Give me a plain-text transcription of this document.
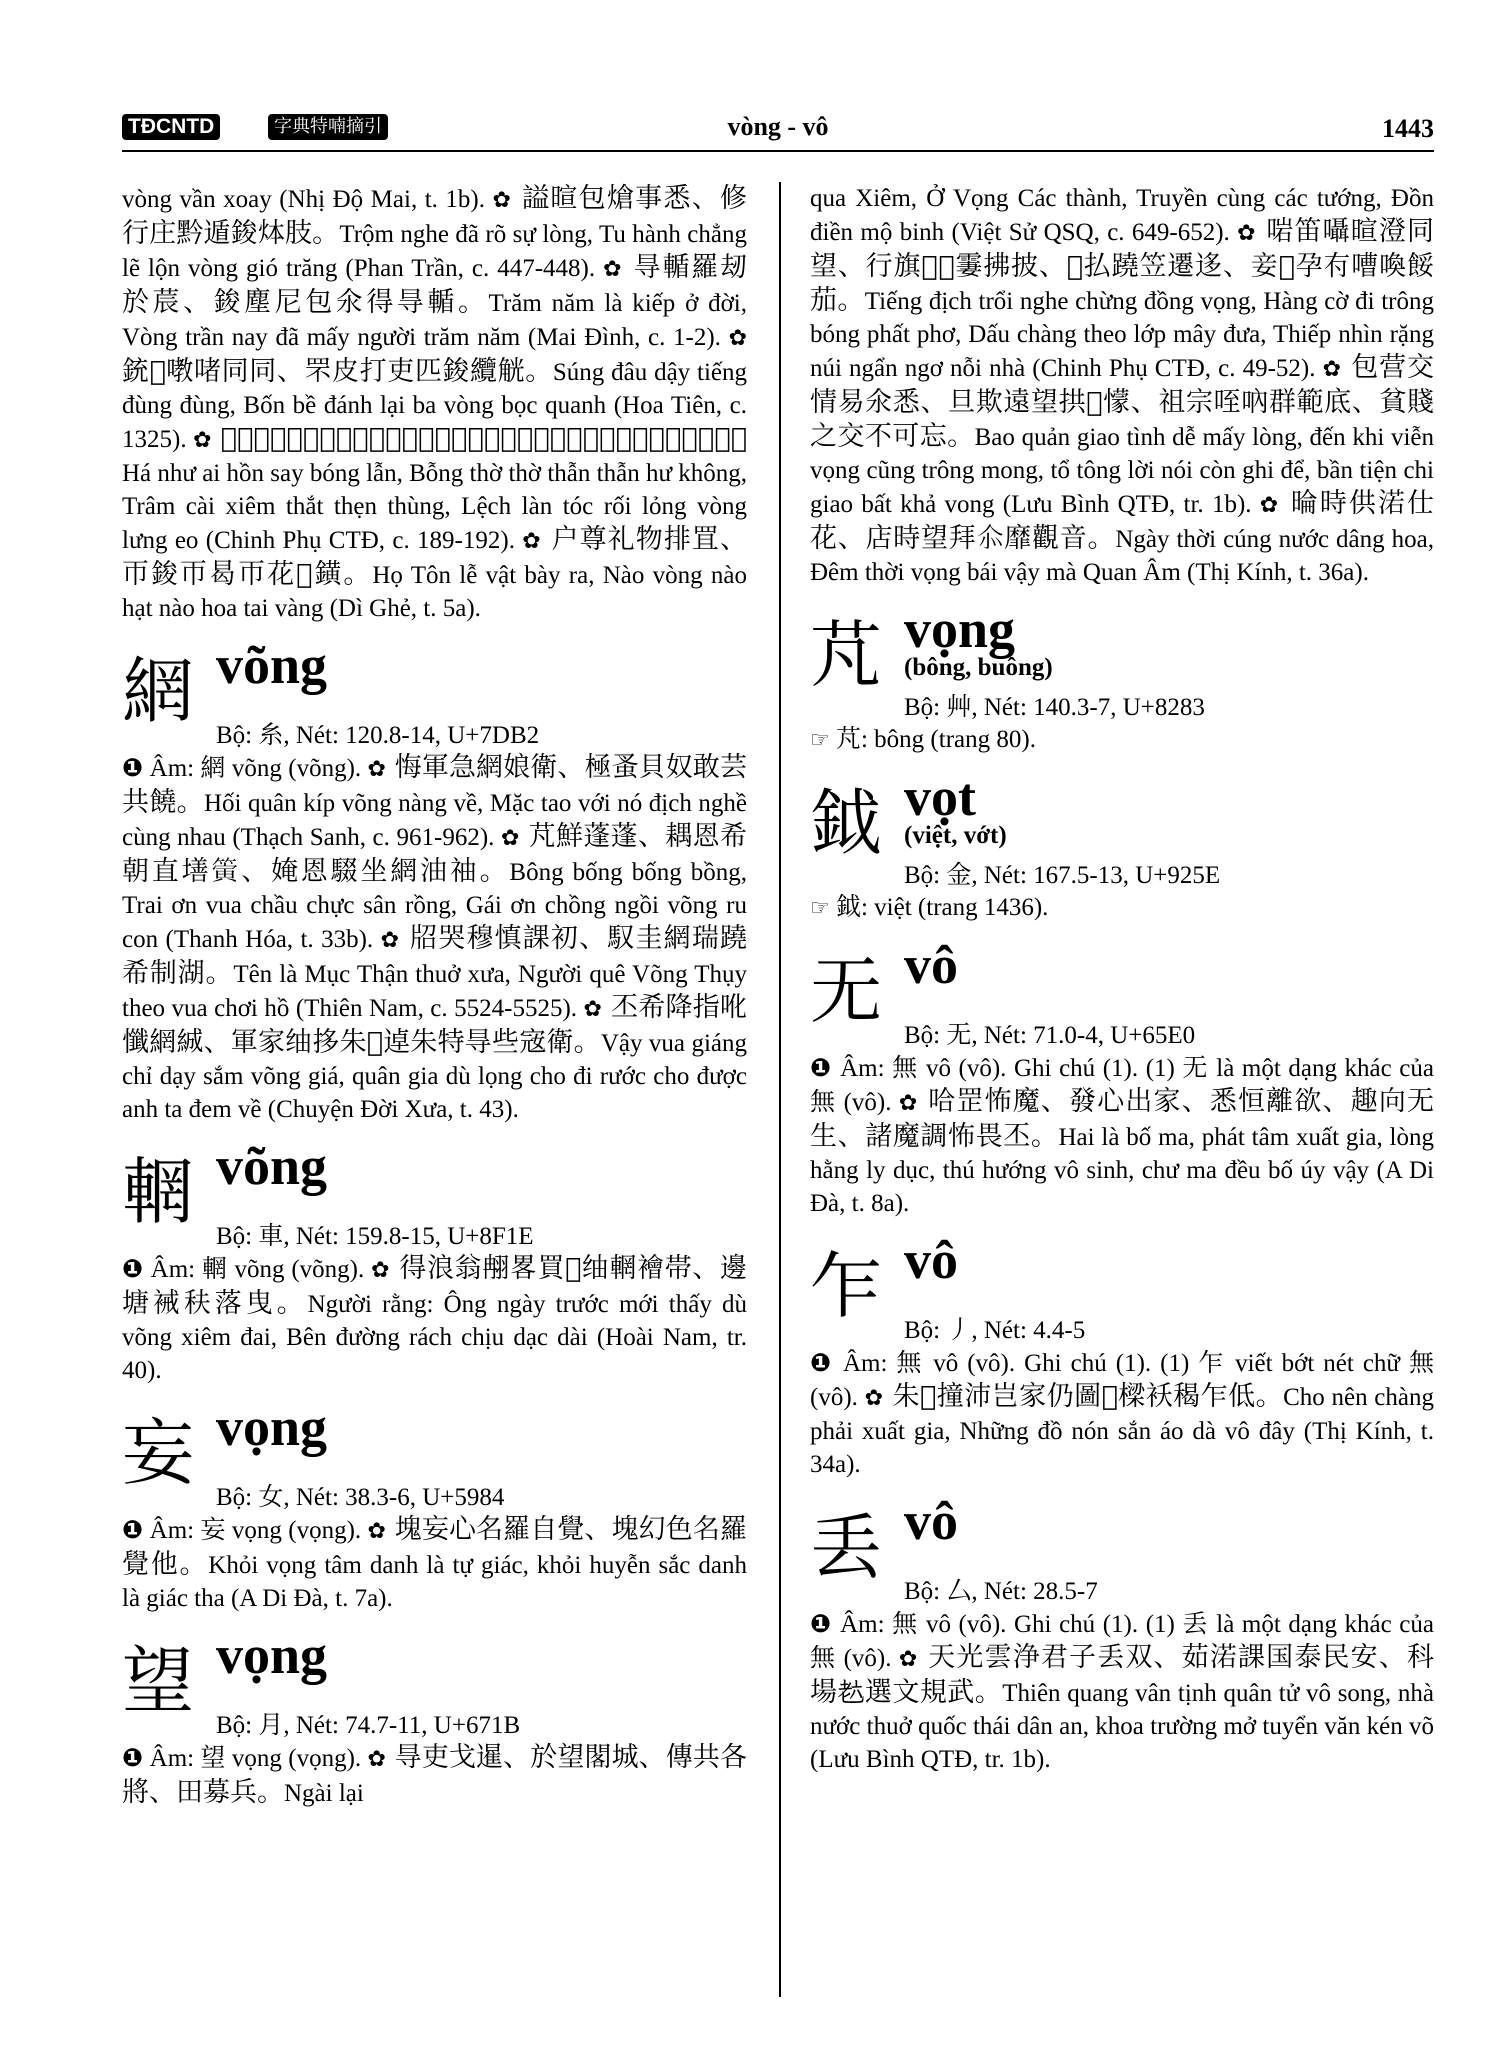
TĐCNTD	字典特喃摘引	vòng - vô	1443

vòng vần xoay (Nhị Độ Mai, t. 1b). ✿ 謚暄包熗事悉、修行庄黔遁鋑㶱肢。Trộm nghe đã rõ sự lòng, Tu hành chẳng lẽ lộn vòng gió trăng (Phan Trần, c. 447-448). ✿ 㝵輴羅刼於莀、鋑塵尼包氽得㝵輴。Trăm năm là kiếp ở đời, Vòng trần nay đã mấy người trăm năm (Mai Đình, c. 1-2). ✿ 銃𢩮嘋啫同同、罘皮打吏匹鋑纜觥。Súng đâu dậy tiếng đùng đùng, Bốn bề đánh lại ba vòng bọc quanh (Hoa Tiên, c. 1325). ✿ 𡎢如埃魂醝霋吝、俸蜍蜍矧矧虛空、簪拱襘紩恄恄、歷㰖鬘綧弄鋑膄腰。Há như ai hồn say bóng lẫn, Bỗng thờ thờ thẫn thẫn hư không, Trâm cài xiêm thắt thẹn thùng, Lệch làn tóc rối lỏng vòng lưng eo (Chinh Phụ CTĐ, c. 189-192). ✿ 户尊礼物排罝、帀鋑帀曷帀花𢧚鐄。Họ Tôn lễ vật bày ra, Nào vòng nào hạt nào hoa tai vàng (Dì Ghẻ, t. 5a).

網 võng
Bộ: 糸, Nét: 120.8-14, U+7DB2

❶ Âm: 網 võng (võng). ✿ 悔軍急網娘衛、極蚤貝奴敢芸共饒。Hối quân kíp võng nàng về, Mặc tao với nó địch nghề cùng nhau (Thạch Sanh, c. 961-962). ✿ 芃鮮蓬蓬、耦恩希朝直墡𥳄、㛪恩䮕坐網油䄂。Bông bống bống bồng, Trai ơn vua chầu chực sân rồng, Gái ơn chồng ngồi võng ru con (Thanh Hóa, t. 33b). ✿ 牊哭穆慎課初、馭圭網瑞蹺希制湖。Tên là Mục Thận thuở xưa, Người quê Võng Thụy theo vua chơi hồ (Thiên Nam, c. 5524-5525). ✿ 丕希降指吪懺網絾、軍家䌷拸朱𡗅逴朱特㝵些宼衛。Vậy vua giáng chỉ dạy sắm võng giá, quân gia dù lọng cho đi rước cho được anh ta đem về (Chuyện Đời Xưa, t. 43).

輞 võng
Bộ: 車, Nét: 159.8-15, U+8F1E

❶ Âm: 輞 võng (võng). ✿ 得浪翁䎃畧買𪪳䌷輞襘帯、邊塘裓䄮落曳。Người rằng: Ông ngày trước mới thấy dù võng xiêm đai, Bên đường rách chịu dạc dài (Hoài Nam, tr. 40).

妄 vọng
Bộ: 女, Nét: 38.3-6, U+5984

❶ Âm: 妄 vọng (vọng). ✿ 塊妄心名羅自覺、塊幻色名羅覺他。Khỏi vọng tâm danh là tự giác, khỏi huyễn sắc danh là giác tha (A Di Đà, t. 7a).

望 vọng
Bộ: 月, Nét: 74.7-11, U+671B

❶ Âm: 望 vọng (vọng). ✿ 㝵吏戈暹、於望閣城、傳共各將、田募兵。Ngài lại

qua Xiêm, Ở Vọng Các thành, Truyền cùng các tướng, Đồn điền mộ binh (Việt Sử QSQ, c. 649-652). ✿ 啱笛囁暄澄同望、行旗𡗅𩄲霋拂披、𨀐払蹺笠遷迻、妾𧛊孕𠕇嘈喚餒茄。Tiếng địch trổi nghe chừng đồng vọng, Hàng cờ đi trông bóng phất phơ, Dấu chàng theo lớp mây đưa, Thiếp nhìn rặng núi ngẩn ngơ nỗi nhà (Chinh Phụ CTĐ, c. 49-52). ✿ 包营交情易氽悉、旦欺遠望拱𩄲懞、祖宗咥吶群範底、貧賤之交不可忘。Bao quản giao tình dễ mấy lòng, đến khi viễn vọng cũng trông mong, tổ tông lời nói còn ghi để, bần tiện chi giao bất khả vong (Lưu Bình QTĐ, tr. 1b). ✿ 㫻時供渃仕花、店時望拜𠇍靡觀音。Ngày thời cúng nước dâng hoa, Đêm thời vọng bái vậy mà Quan Âm (Thị Kính, t. 36a).

芃 vọng
(bông, buông)
Bộ: 艸, Nét: 140.3-7, U+8283

☞ 芃: bông (trang 80).

鉞 vọt
(việt, vớt)
Bộ: 金, Nét: 167.5-13, U+925E

☞ 鉞: việt (trang 1436).

无 vô
Bộ: 无, Nét: 71.0-4, U+65E0

❶ Âm: 無 vô (vô). Ghi chú (1). (1) 无 là một dạng khác của 無 (vô). ✿ 哈罡怖魔、發心出家、悉恒離欲、趣向无生、諸魔調怖畏丕。Hai là bố ma, phát tâm xuất gia, lòng hằng ly dục, thú hướng vô sinh, chư ma đều bố úy vậy (A Di Đà, t. 8a).

乍 vô
Bộ: 丿, Nét: 4.4-5

❶ Âm: 無 vô (vô). Ghi chú (1). (1) 乍 viết bớt nét chữ 無 (vô). ✿ 朱𫆡撞沛岂家仍圖𫇗樑袄䅥乍低。Cho nên chàng phải xuất gia, Những đồ nón sắn áo dà vô đây (Thị Kính, t. 34a).

丢 vô
Bộ: 厶, Nét: 28.5-7

❶ Âm: 無 vô (vô). Ghi chú (1). (1) 丢 là một dạng khác của 無 (vô). ✿ 天光雲浄君子丢双、茹渃課国泰民安、科場𦒹選文規武。Thiên quang vân tịnh quân tử vô song, nhà nước thuở quốc thái dân an, khoa trường mở tuyển văn kén võ (Lưu Bình QTĐ, tr. 1b).
